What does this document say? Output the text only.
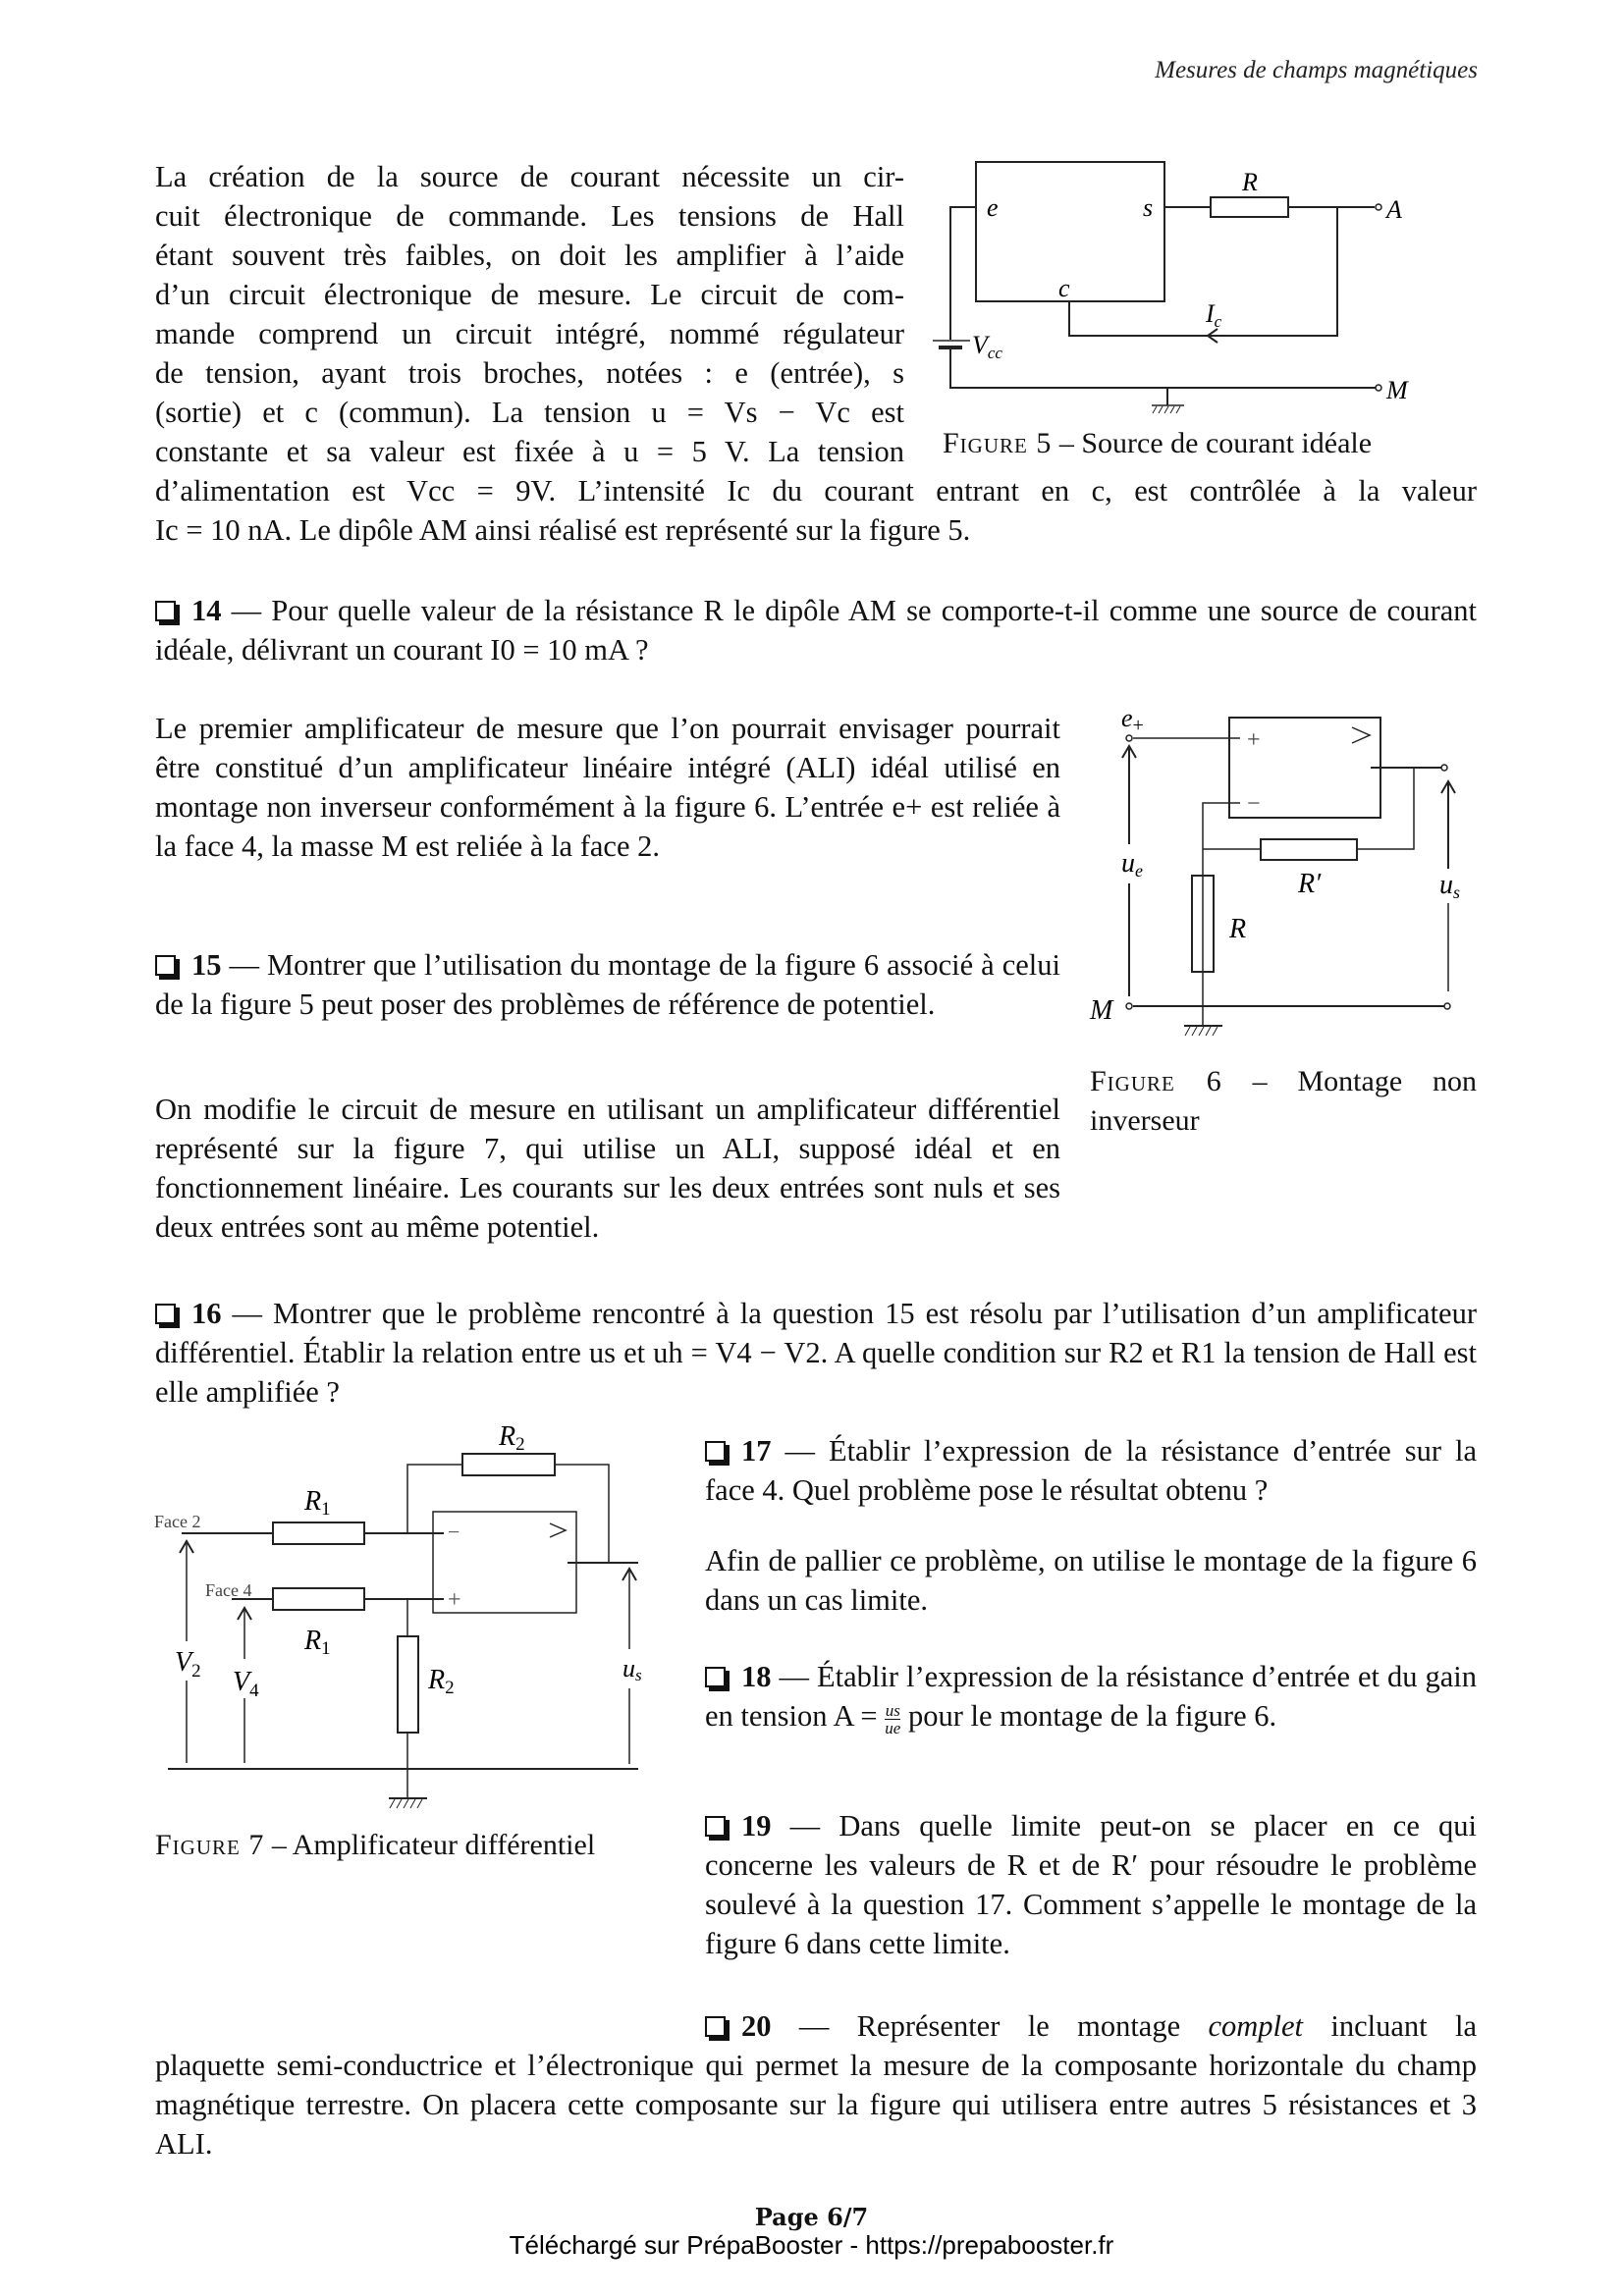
Mesures de champs magnétiques

La création de la source de courant nécessite un cir-

cuit électronique de commande. Les tensions de Hall

étant souvent très faibles, on doit les amplifier à l’aide

d’un circuit électronique de mesure. Le circuit de com-

mande comprend un circuit intégré, nommé régulateur

de tension, ayant trois broches, notées : e (entrée), s

(sortie) et c (commun). La tension u = Vs − Vc est

constante et sa valeur est fixée à u = 5 V. La tension

d’alimentation est Vcc = 9V. L’intensité Ic du courant entrant en c, est contrôlée à la valeur

Ic = 10 nA. Le dipôle AM ainsi réalisé est représenté sur la figure 5.

e	s
c
R
A
M
Ic
Vcc
Figure 5 – Source de courant idéale

14 — Pour quelle valeur de la résistance R le dipôle AM se comporte-t-il comme une source de courant idéale, délivrant un courant I0 = 10 mA ?

Le premier amplificateur de mesure que l’on pourrait envisager pourrait être constitué d’un amplificateur linéaire intégré (ALI) idéal utilisé en montage non inverseur conformément à la figure 6. L’entrée e+ est reliée à la face 4, la masse M est reliée à la face 2.

15 — Montrer que l’utilisation du montage de la figure 6 associé à celui de la figure 5 peut poser des problèmes de référence de potentiel.

On modifie le circuit de mesure en utilisant un amplificateur différentiel représenté sur la figure 7, qui utilise un ALI, supposé idéal et en fonctionnement linéaire. Les courants sur les deux entrées sont nuls et ses deux entrées sont au même potentiel.

+
−
e+
R′
R
ue	us
M
Figure 6 – Montage non inverseur

16 — Montrer que le problème rencontré à la question 15 est résolu par l’utilisation d’un amplificateur différentiel. Établir la relation entre us et uh = V4 − V2. A quelle condition sur R2 et R1 la tension de Hall est elle amplifiée ?

−
+
Face 2
Face 4
R1
R1
R2
R2
$V_2$ $V_4$
us
Figure 7 – Amplificateur différentiel

17 — Établir l’expression de la résistance d’entrée sur la face 4. Quel problème pose le résultat obtenu ?

Afin de pallier ce problème, on utilise le montage de la figure 6 dans un cas limite.

18 — Établir l’expression de la résistance d’entrée et du gain en tension $A = \frac{us}{ue}$ pour le montage de la figure 6.

19 — Dans quelle limite peut-on se placer en ce qui concerne les valeurs de R et de R′ pour résoudre le problème soulevé à la question 17. Comment s’appelle le montage de la figure 6 dans cette limite.

20 — Représenter le montage complet incluant la

plaquette semi-conductrice et l’électronique qui permet la mesure de la composante horizontale du champ magnétique terrestre. On placera cette composante sur la figure qui utilisera entre autres 5 résistances et 3 ALI.

Page 6/7
Téléchargé sur PrépaBooster - https://prepabooster.fr
